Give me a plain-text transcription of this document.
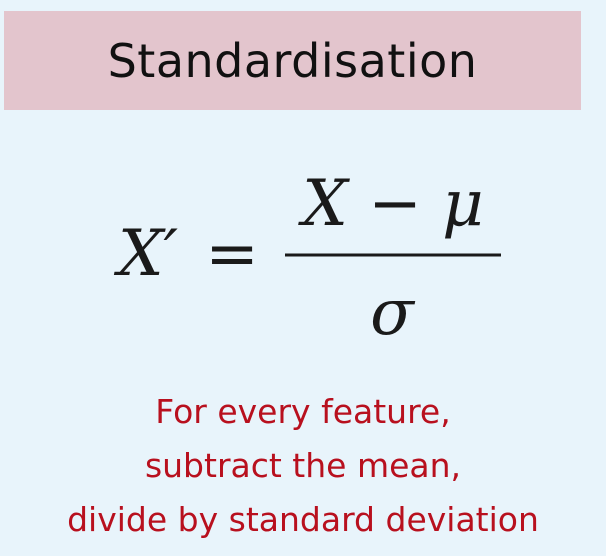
Standardisation
X′ =
X − μ
σ
For every feature,
subtract the mean,
divide by standard deviation
